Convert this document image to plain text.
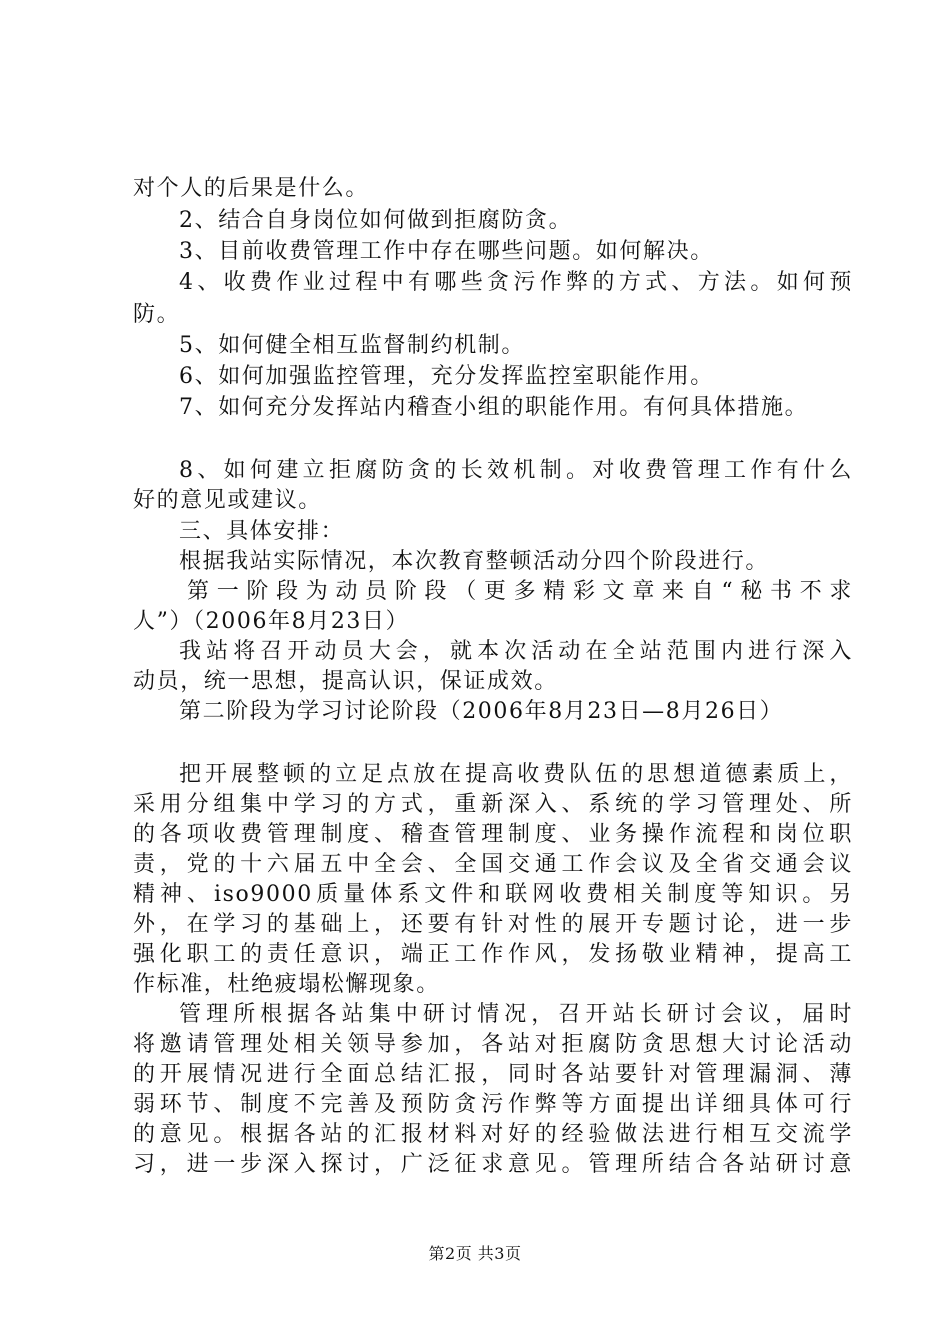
对个人的后果是什么。
2、结合自身岗位如何做到拒腐防贪。
3、目前收费管理工作中存在哪些问题。如何解决。
4、收费作业过程中有哪些贪污作弊的方式、方法。如何预
防。
5、如何健全相互监督制约机制。
6、如何加强监控管理，充分发挥监控室职能作用。
7、如何充分发挥站内稽查小组的职能作用。有何具体措施。
8、如何建立拒腐防贪的长效机制。对收费管理工作有什么
好的意见或建议。
三、具体安排：
根据我站实际情况，本次教育整顿活动分四个阶段进行。
第一阶段为动员阶段（更多精彩文章来自“秘书不求
人”）（2006年8月23日）
我站将召开动员大会，就本次活动在全站范围内进行深入
动员，统一思想，提高认识，保证成效。
第二阶段为学习讨论阶段（2006年8月23日—8月26日）
把开展整顿的立足点放在提高收费队伍的思想道德素质上，
采用分组集中学习的方式，重新深入、系统的学习管理处、所
的各项收费管理制度、稽查管理制度、业务操作流程和岗位职
责，党的十六届五中全会、全国交通工作会议及全省交通会议
精神、iso9000质量体系文件和联网收费相关制度等知识。另
外，在学习的基础上，还要有针对性的展开专题讨论，进一步
强化职工的责任意识，端正工作作风，发扬敬业精神，提高工
作标准，杜绝疲塌松懈现象。
管理所根据各站集中研讨情况，召开站长研讨会议，届时
将邀请管理处相关领导参加，各站对拒腐防贪思想大讨论活动
的开展情况进行全面总结汇报，同时各站要针对管理漏洞、薄
弱环节、制度不完善及预防贪污作弊等方面提出详细具体可行
的意见。根据各站的汇报材料对好的经验做法进行相互交流学
习，进一步深入探讨，广泛征求意见。管理所结合各站研讨意
第2页 共3页
